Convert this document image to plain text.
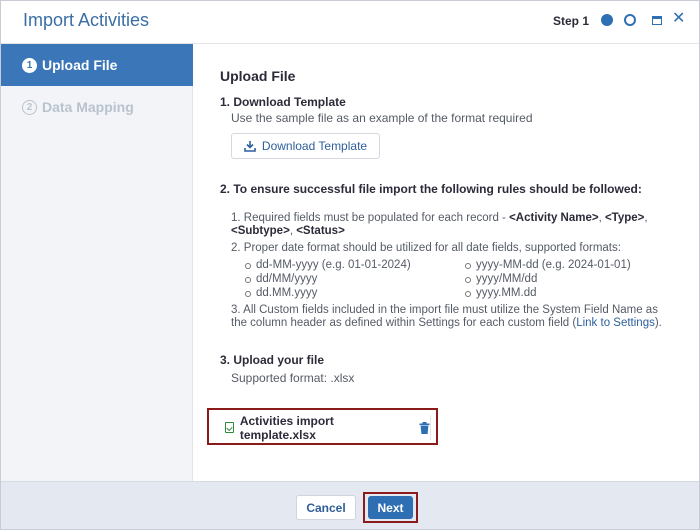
Import Activities	Step 1	✕
1 Upload File
2 Data Mapping
Upload File
1. Download Template
Use the sample file as an example of the format required
Download Template
2. To ensure successful file import the following rules should be followed:
1. Required fields must be populated for each record - <Activity Name>, <Type>, <Subtype>, <Status>
2. Proper date format should be utilized for all date fields, supported formats:
dd-MM-yyyy (e.g. 01-01-2024)
dd/MM/yyyy
dd.MM.yyyy
yyyy-MM-dd (e.g. 2024-01-01)
yyyy/MM/dd
yyyy.MM.dd
3. All Custom fields included in the import file must utilize the System Field Name as the column header as defined within Settings for each custom field (Link to Settings).
3. Upload your file
Supported format: .xlsx
Activities import template.xlsx
Cancel	Next
